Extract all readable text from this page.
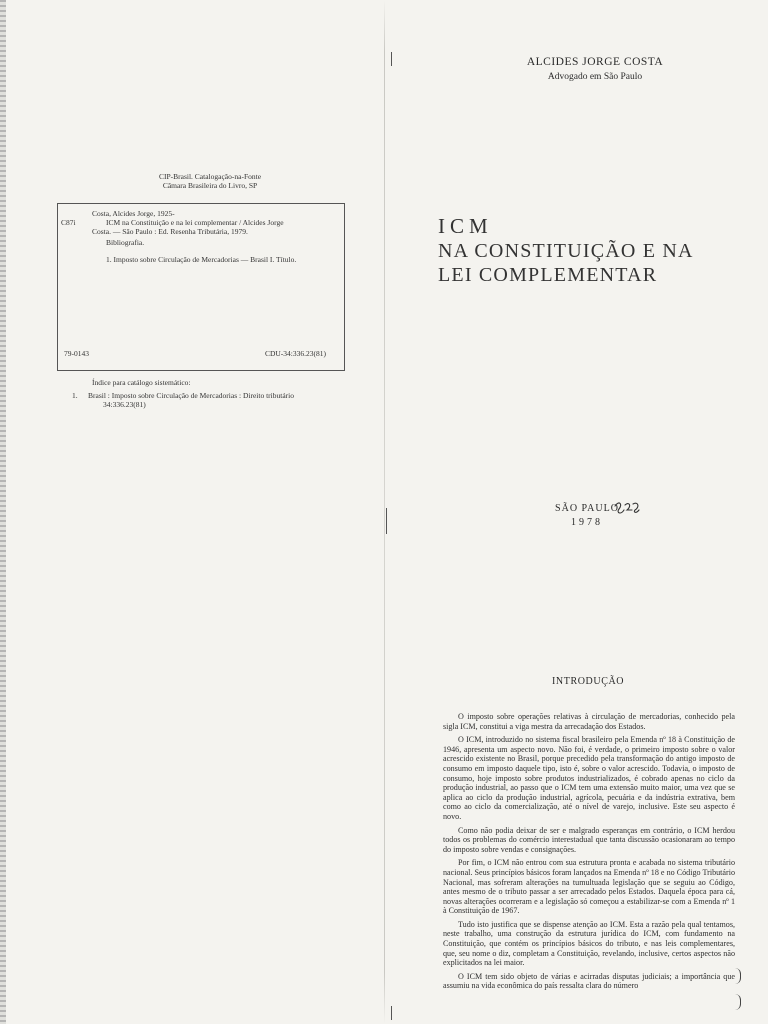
CIP-Brasil. Catalogação-na-Fonte
Câmara Brasileira do Livro, SP
C87i

Costa, Alcides Jorge, 1925-

ICM na Constituição e na lei complementar / Alcides Jorge

Costa. — São Paulo : Ed. Resenha Tributária, 1979.

Bibliografia.
1. Imposto sobre Circulação de Mercadorias — Brasil I. Título.
79-0143	CDU-34:336.23(81)
Índice para catálogo sistemático:
1. Brasil : Imposto sobre Circulação de Mercadorias : Direito tributário
34:336.23(81)
ALCIDES JORGE COSTA
Advogado em São Paulo
ICM
NA CONSTITUIÇÃO E NA
LEI COMPLEMENTAR
SÃO PAULO
1978
INTRODUÇÃO

O imposto sobre operações relativas à circulação de mercadorias, conhecido pela sigla ICM, constitui a viga mestra da arrecadação dos Estados.

O ICM, introduzido no sistema fiscal brasileiro pela Emenda nº 18 à Constituição de 1946, apresenta um aspecto novo. Não foi, é verdade, o primeiro imposto sobre o valor acrescido existente no Brasil, porque precedido pela transformação do antigo imposto de consumo em imposto daquele tipo, isto é, sobre o valor acrescido. Todavia, o imposto de consumo, hoje imposto sobre produtos industrializados, é cobrado apenas no ciclo da produção industrial, ao passo que o ICM tem uma extensão muito maior, uma vez que se aplica ao ciclo da produção industrial, agrícola, pecuária e da indústria extrativa, bem como ao ciclo da comercialização, até o nível de varejo, inclusive. Este seu aspecto é novo.

Como não podia deixar de ser e malgrado esperanças em contrário, o ICM herdou todos os problemas do comércio interestadual que tanta discussão ocasionaram ao tempo do imposto sobre vendas e consignações.

Por fim, o ICM não entrou com sua estrutura pronta e acabada no sistema tributário nacional. Seus princípios básicos foram lançados na Emenda nº 18 e no Código Tributário Nacional, mas sofreram alterações na tumultuada legislação que se seguiu ao Código, antes mesmo de o tributo passar a ser arrecadado pelos Estados. Daquela época para cá, novas alterações ocorreram e a legislação só começou a estabilizar-se com a Emenda nº 1 à Constituição de 1967.

Tudo isto justifica que se dispense atenção ao ICM. Esta a razão pela qual tentamos, neste trabalho, uma construção da estrutura jurídica do ICM, com fundamento na Constituição, que contém os princípios básicos do tributo, e nas leis complementares, que, seu nome o diz, completam a Constituição, revelando, inclusive, certos aspectos não explicitados na lei maior.

O ICM tem sido objeto de várias e acirradas disputas judiciais; a importância que assumiu na vida econômica do país ressalta clara do número
